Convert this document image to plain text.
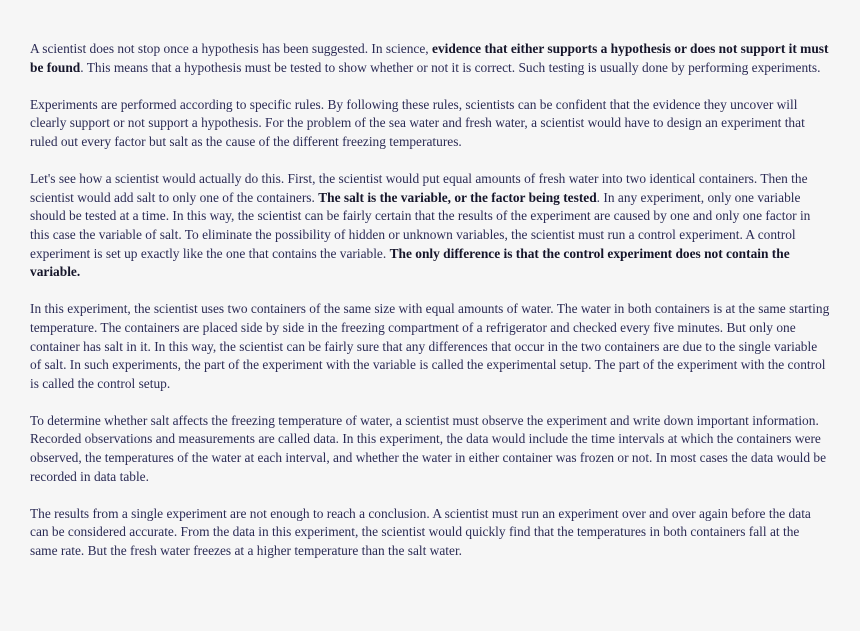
A scientist does not stop once a hypothesis has been suggested. In science, evidence that either supports a hypothesis or does not support it must be found. This means that a hypothesis must be tested to show whether or not it is correct. Such testing is usually done by performing experiments.

Experiments are performed according to specific rules. By following these rules, scientists can be confident that the evidence they uncover will clearly support or not support a hypothesis. For the problem of the sea water and fresh water, a scientist would have to design an experiment that ruled out every factor but salt as the cause of the different freezing temperatures.

Let's see how a scientist would actually do this. First, the scientist would put equal amounts of fresh water into two identical containers. Then the scientist would add salt to only one of the containers. The salt is the variable, or the factor being tested. In any experiment, only one variable should be tested at a time. In this way, the scientist can be fairly certain that the results of the experiment are caused by one and only one factor in this case the variable of salt. To eliminate the possibility of hidden or unknown variables, the scientist must run a control experiment. A control experiment is set up exactly like the one that contains the variable. The only difference is that the control experiment does not contain the variable.

In this experiment, the scientist uses two containers of the same size with equal amounts of water. The water in both containers is at the same starting temperature. The containers are placed side by side in the freezing compartment of a refrigerator and checked every five minutes. But only one container has salt in it. In this way, the scientist can be fairly sure that any differences that occur in the two containers are due to the single variable of salt. In such experiments, the part of the experiment with the variable is called the experimental setup. The part of the experiment with the control is called the control setup.

To determine whether salt affects the freezing temperature of water, a scientist must observe the experiment and write down important information. Recorded observations and measurements are called data. In this experiment, the data would include the time intervals at which the containers were observed, the temperatures of the water at each interval, and whether the water in either container was frozen or not. In most cases the data would be recorded in data table.

The results from a single experiment are not enough to reach a conclusion. A scientist must run an experiment over and over again before the data can be considered accurate. From the data in this experiment, the scientist would quickly find that the temperatures in both containers fall at the same rate. But the fresh water freezes at a higher temperature than the salt water.
